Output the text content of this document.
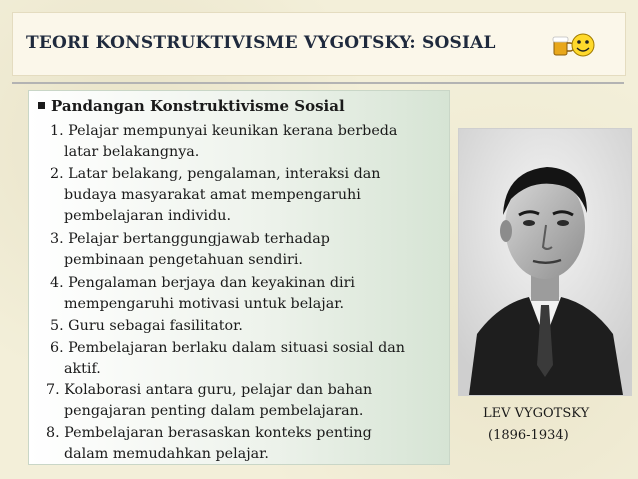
TEORI KONSTRUKTIVISME VYGOTSKY: SOSIAL
Pandangan Konstruktivisme Sosial
1. Pelajar mempunyai keunikan kerana berbeda
latar belakangnya.
2. Latar belakang, pengalaman, interaksi dan
budaya masyarakat amat mempengaruhi
pembelajaran individu.
3. Pelajar bertanggungjawab terhadap
pembinaan pengetahuan sendiri.
4. Pengalaman berjaya dan keyakinan diri
mempengaruhi motivasi untuk belajar.
5. Guru sebagai fasilitator.
6. Pembelajaran berlaku dalam situasi sosial dan
aktif.
7. Kolaborasi antara guru, pelajar dan bahan
pengajaran penting dalam pembelajaran.
8. Pembelajaran berasaskan konteks penting
dalam memudahkan pelajar.
LEV VYGOTSKY
(1896-1934)
